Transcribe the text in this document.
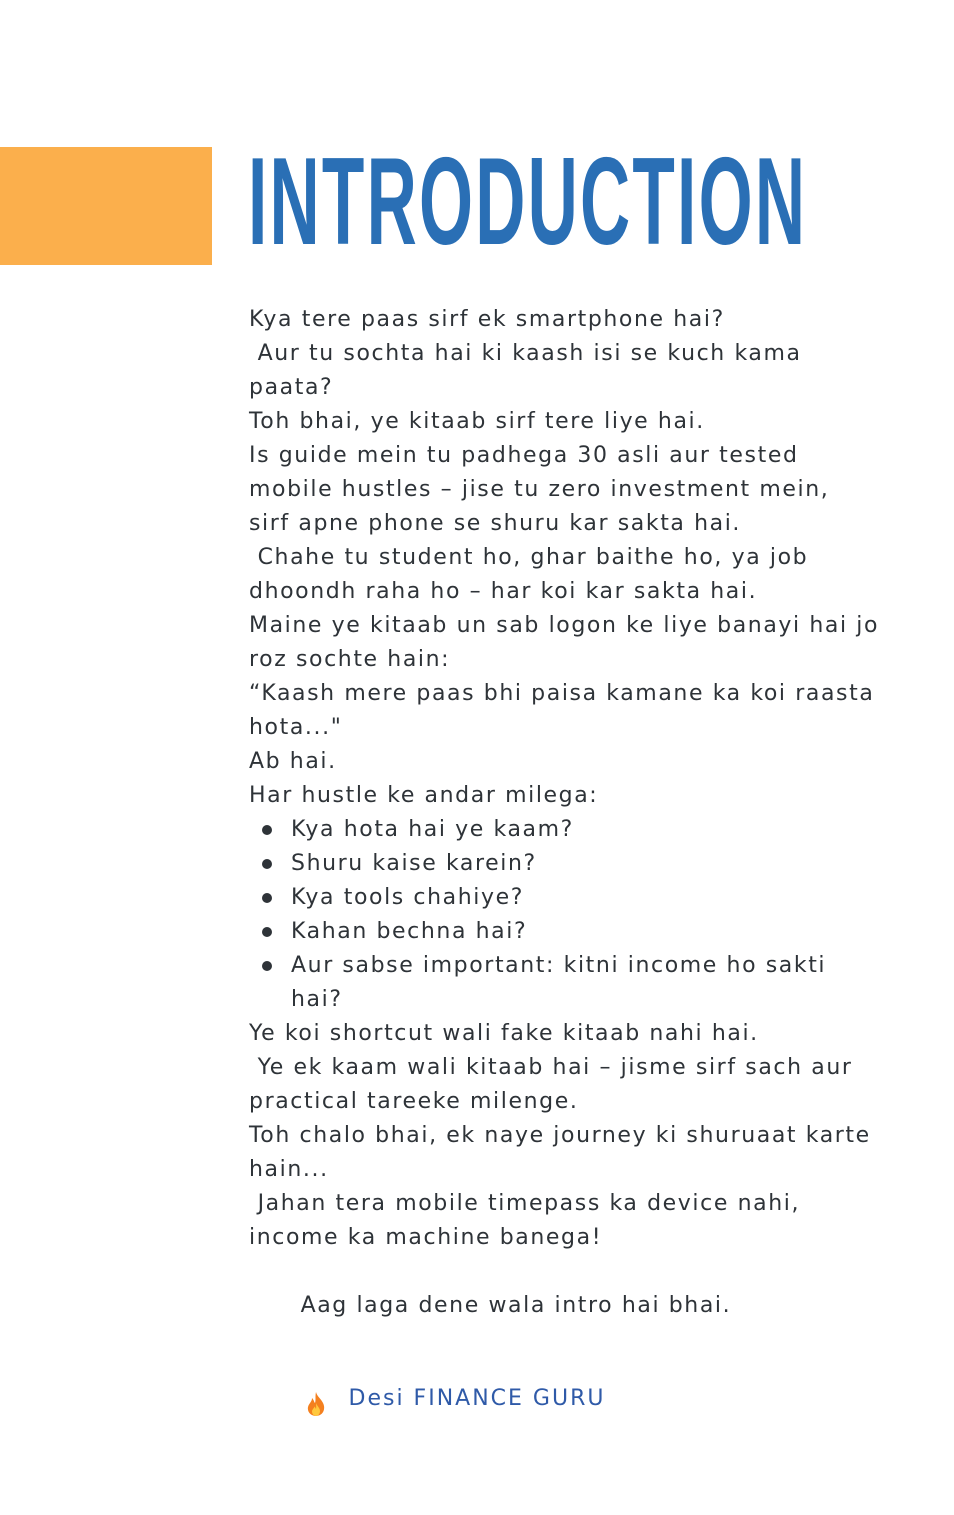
INTRODUCTION
Kya tere paas sirf ek smartphone hai?
Aur tu sochta hai ki kaash isi se kuch kama
paata?
Toh bhai, ye kitaab sirf tere liye hai.
Is guide mein tu padhega 30 asli aur tested
mobile hustles – jise tu zero investment mein,
sirf apne phone se shuru kar sakta hai.
Chahe tu student ho, ghar baithe ho, ya job
dhoondh raha ho – har koi kar sakta hai.
Maine ye kitaab un sab logon ke liye banayi hai jo
roz sochte hain:
“Kaash mere paas bhi paisa kamane ka koi raasta
hota..."
Ab hai.
Har hustle ke andar milega:
Kya hota hai ye kaam?
Shuru kaise karein?
Kya tools chahiye?
Kahan bechna hai?
Aur sabse important: kitni income ho sakti
hai?
Ye koi shortcut wali fake kitaab nahi hai.
Ye ek kaam wali kitaab hai – jisme sirf sach aur
practical tareeke milenge.
Toh chalo bhai, ek naye journey ki shuruaat karte
hain...
Jahan tera mobile timepass ka device nahi,
income ka machine banega!

Aag laga dene wala intro hai bhai.

Desi FINANCE GURU
